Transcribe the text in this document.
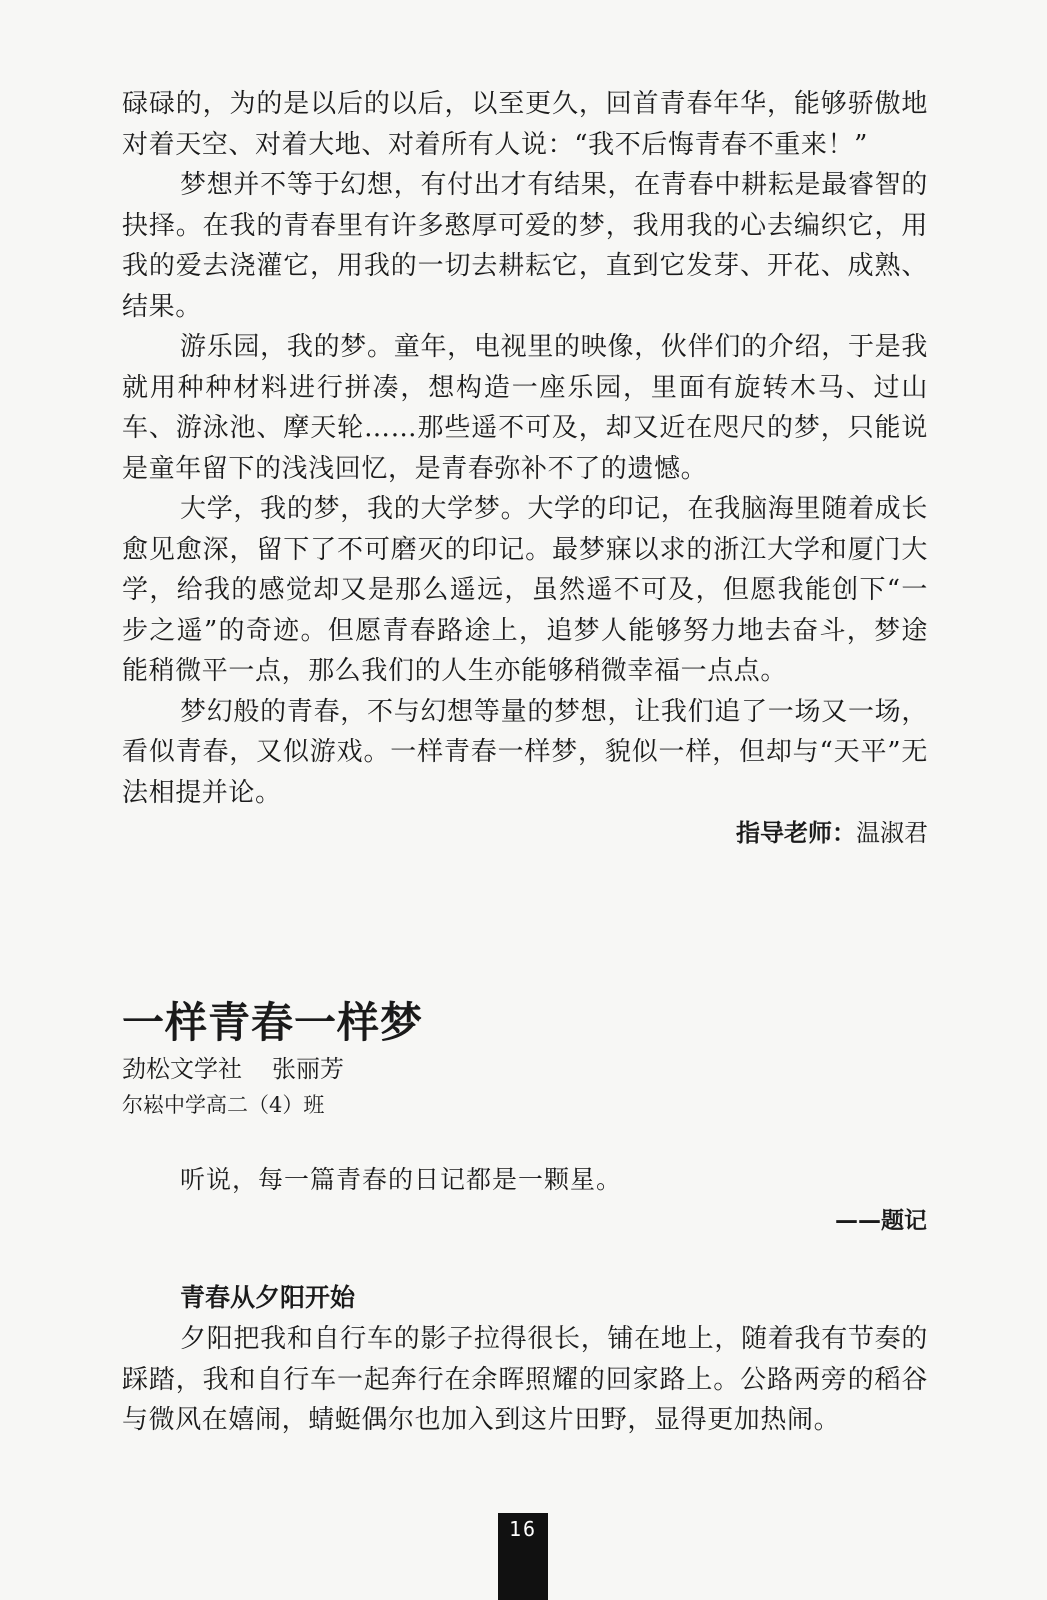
碌碌的，为的是以后的以后，以至更久，回首青春年华，能够骄傲地对着天空、对着大地、对着所有人说：“我不后悔青春不重来！”

梦想并不等于幻想，有付出才有结果，在青春中耕耘是最睿智的抉择。在我的青春里有许多憨厚可爱的梦，我用我的心去编织它，用我的爱去浇灌它，用我的一切去耕耘它，直到它发芽、开花、成熟、结果。

游乐园，我的梦。童年，电视里的映像，伙伴们的介绍，于是我就用种种材料进行拼凑，想构造一座乐园，里面有旋转木马、过山车、游泳池、摩天轮……那些遥不可及，却又近在咫尺的梦，只能说是童年留下的浅浅回忆，是青春弥补不了的遗憾。

大学，我的梦，我的大学梦。大学的印记，在我脑海里随着成长愈见愈深，留下了不可磨灭的印记。最梦寐以求的浙江大学和厦门大学，给我的感觉却又是那么遥远，虽然遥不可及，但愿我能创下“一步之遥”的奇迹。但愿青春路途上，追梦人能够努力地去奋斗，梦途能稍微平一点，那么我们的人生亦能够稍微幸福一点点。

梦幻般的青春，不与幻想等量的梦想，让我们追了一场又一场，看似青春，又似游戏。一样青春一样梦，貌似一样，但却与“天平”无法相提并论。

指导老师：温淑君

一样青春一样梦

劲松文学社 张丽芳

尔崧中学高二（4）班

听说，每一篇青春的日记都是一颗星。

——题记

青春从夕阳开始

夕阳把我和自行车的影子拉得很长，铺在地上，随着我有节奏的踩踏，我和自行车一起奔行在余晖照耀的回家路上。公路两旁的稻谷与微风在嬉闹，蜻蜓偶尔也加入到这片田野，显得更加热闹。

16
